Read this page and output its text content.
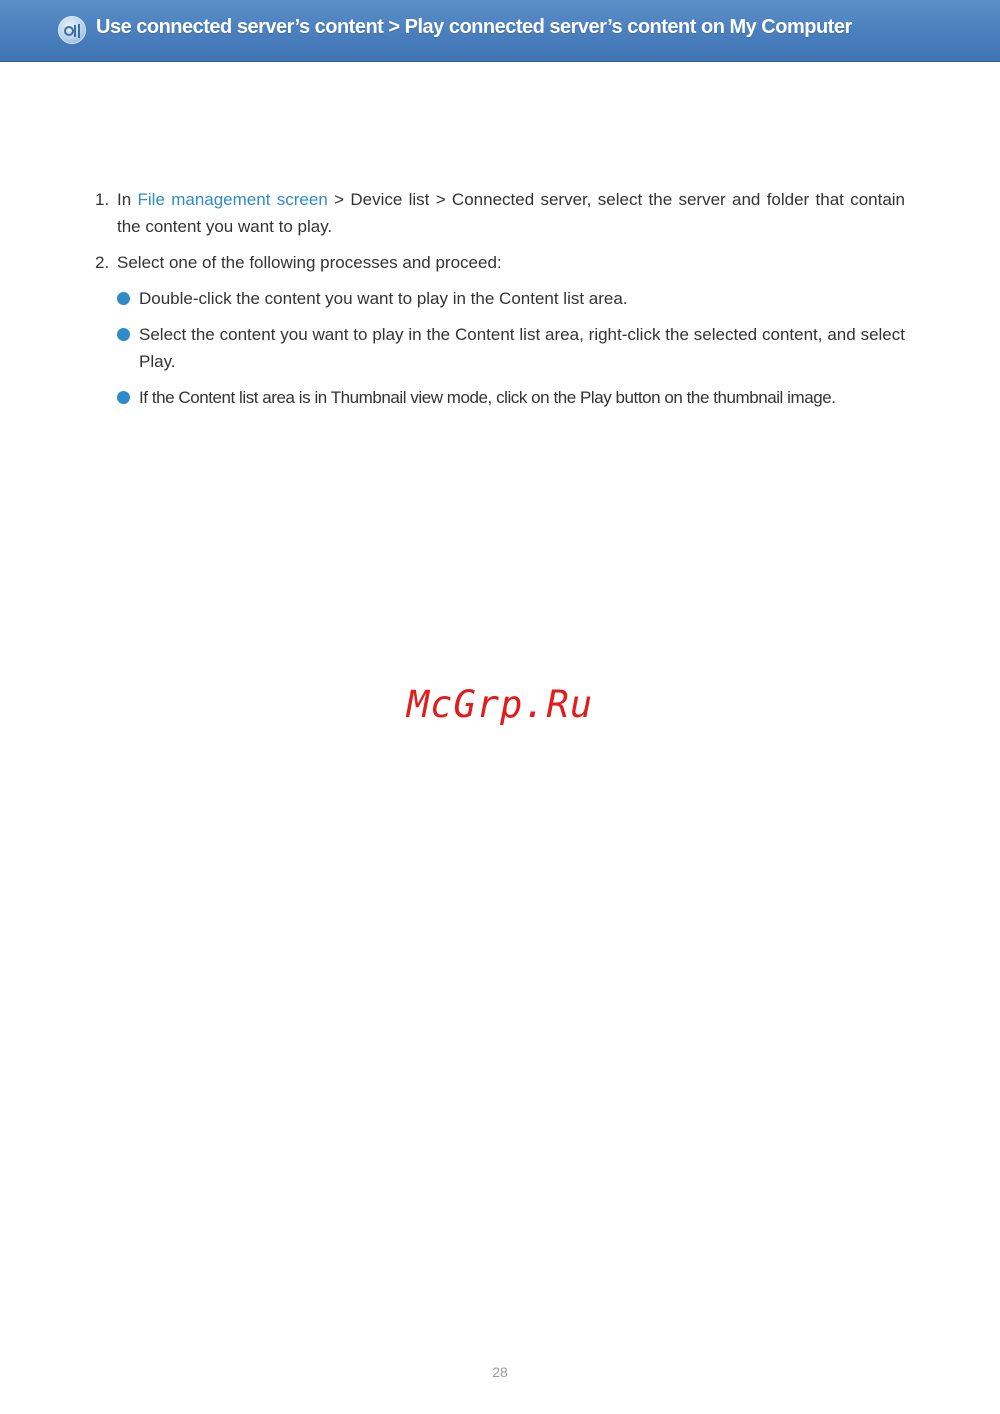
Use connected server’s content > Play connected server’s content on My Computer
1. In File management screen > Device list > Connected server, select the server and folder that contain the content you want to play.
2. Select one of the following processes and proceed:
Double-click the content you want to play in the Content list area.
Select the content you want to play in the Content list area, right-click the selected content, and select Play.
If the Content list area is in Thumbnail view mode, click on the Play button on the thumbnail image.
McGrp.Ru
28
